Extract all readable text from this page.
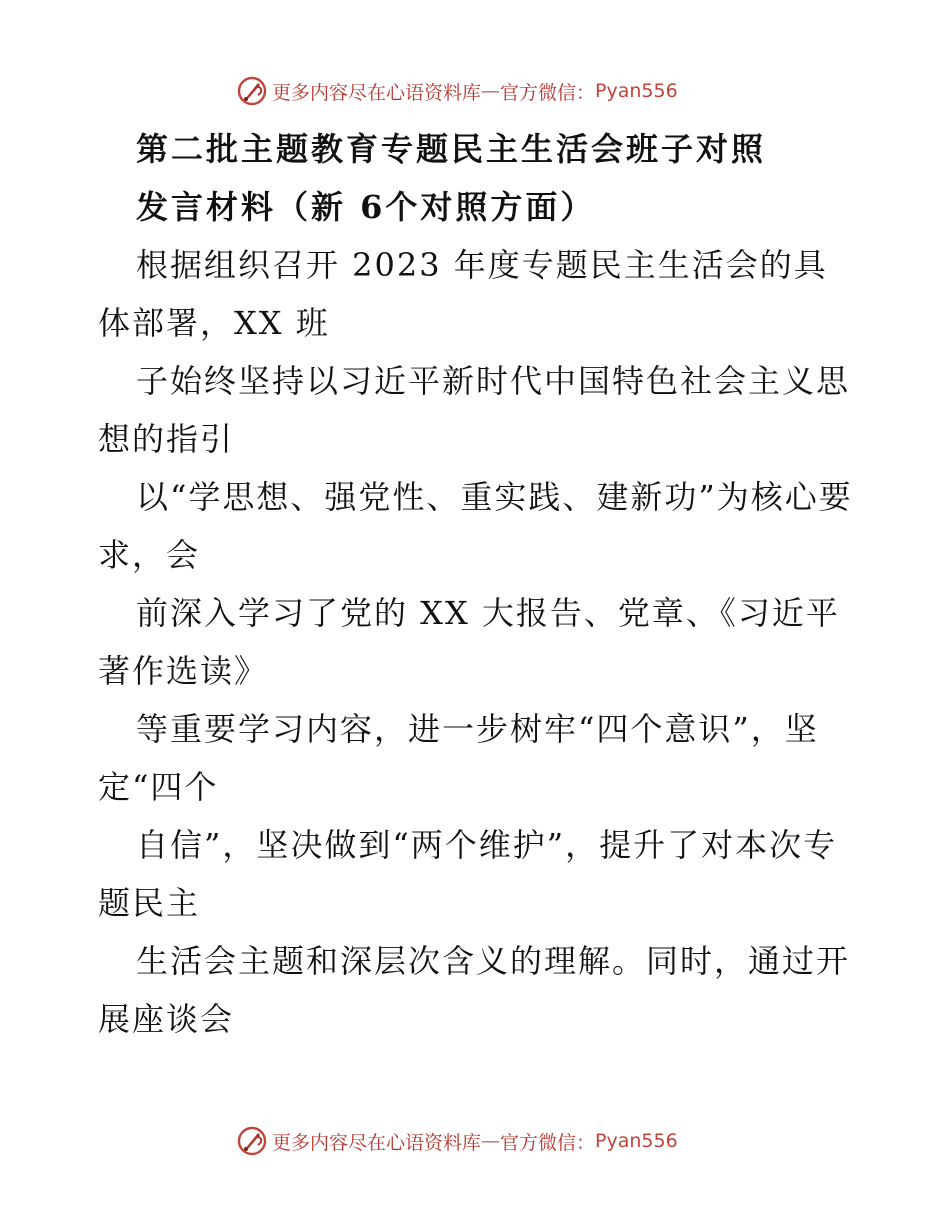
更多内容尽在心语资料库 — 官方微信： Pyan556
第二批主题教育专题民主生活会班子对照
发言材料（新 6个对照方面）

根据组织召开 2023 年度专题民主生活会的具体部署，XX 班

子始终坚持以习近平新时代中国特色社会主义思想的指引

以“学思想、强党性、重实践、建新功”为核心要求，会

前深入学习了党的 XX 大报告、党章、《习近平著作选读》

等重要学习内容，进一步树牢“四个意识”，坚定“四个

自信”，坚决做到“两个维护”，提升了对本次专题民主

生活会主题和深层次含义的理解。同时，通过开展座谈会

更多内容尽在心语资料库 — 官方微信： Pyan556
